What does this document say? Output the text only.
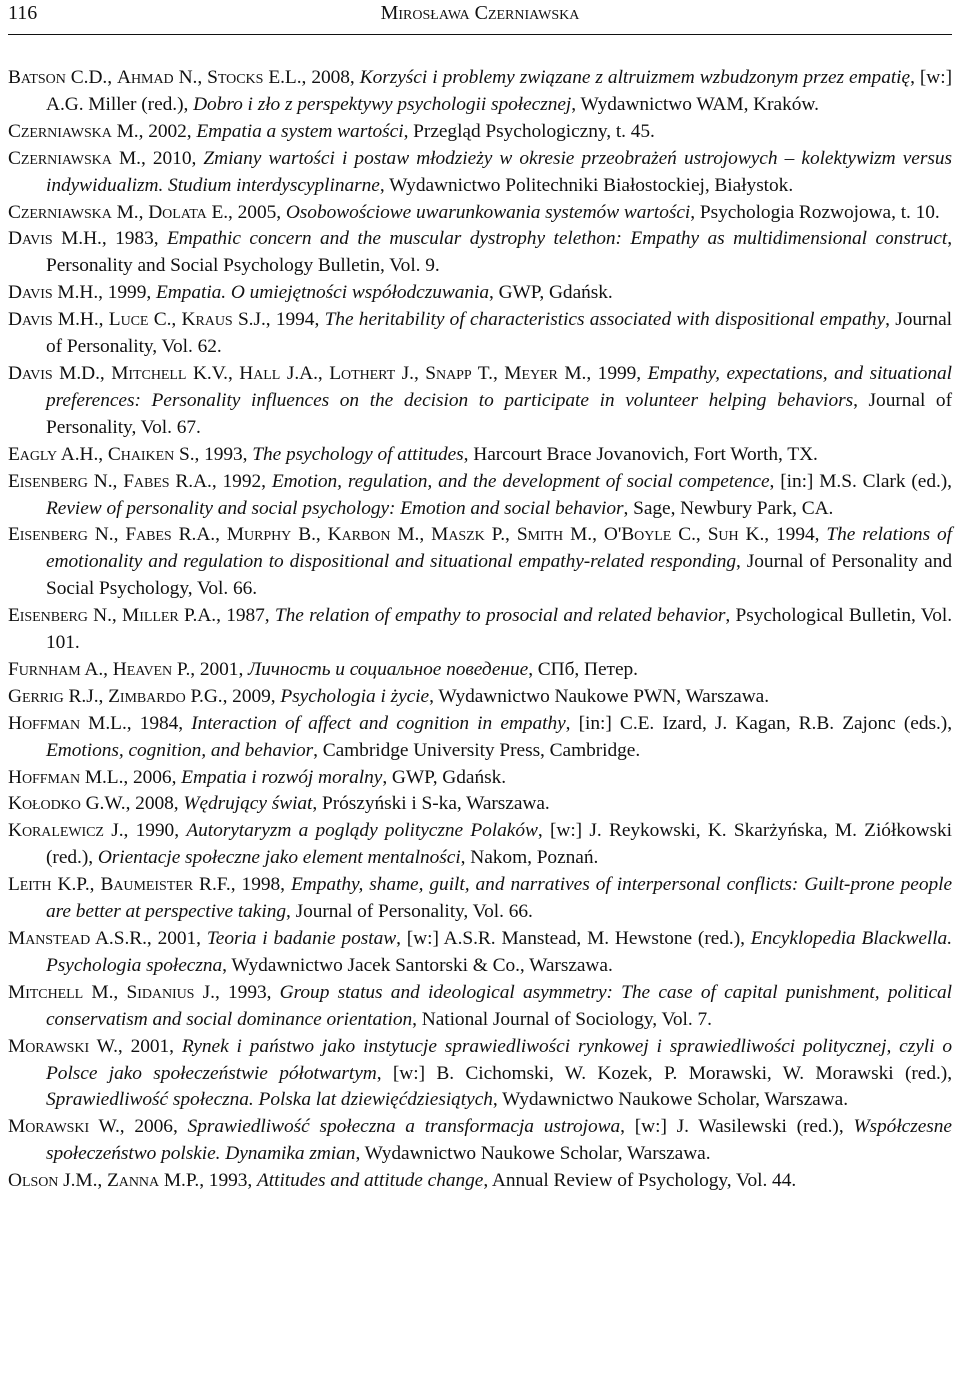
116	Mirosława Czerniawska
Batson C.D., Ahmad N., Stocks E.L., 2008, Korzyści i problemy związane z altruizmem wzbudzonym przez empatię, [w:] A.G. Miller (red.), Dobro i zło z perspektywy psychologii społecznej, Wydawnictwo WAM, Kraków.
Czerniawska M., 2002, Empatia a system wartości, Przegląd Psychologiczny, t. 45.
Czerniawska M., 2010, Zmiany wartości i postaw młodzieży w okresie przeobrażeń ustrojowych – kolektywizm versus indywidualizm. Studium interdyscyplinarne, Wydawnictwo Politechniki Białostockiej, Białystok.
Czerniawska M., Dolata E., 2005, Osobowościowe uwarunkowania systemów wartości, Psychologia Rozwojowa, t. 10.
Davis M.H., 1983, Empathic concern and the muscular dystrophy telethon: Empathy as multidimensional construct, Personality and Social Psychology Bulletin, Vol. 9.
Davis M.H., 1999, Empatia. O umiejętności współodczuwania, GWP, Gdańsk.
Davis M.H., Luce C., Kraus S.J., 1994, The heritability of characteristics associated with dispositional empathy, Journal of Personality, Vol. 62.
Davis M.D., Mitchell K.V., Hall J.A., Lothert J., Snapp T., Meyer M., 1999, Empathy, expectations, and situational preferences: Personality influences on the decision to participate in volunteer helping behaviors, Journal of Personality, Vol. 67.
Eagly A.H., Chaiken S., 1993, The psychology of attitudes, Harcourt Brace Jovanovich, Fort Worth, TX.
Eisenberg N., Fabes R.A., 1992, Emotion, regulation, and the development of social competence, [in:] M.S. Clark (ed.), Review of personality and social psychology: Emotion and social behavior, Sage, Newbury Park, CA.
Eisenberg N., Fabes R.A., Murphy B., Karbon M., Maszk P., Smith M., O'Boyle C., Suh K., 1994, The relations of emotionality and regulation to dispositional and situational empathy-related responding, Journal of Personality and Social Psychology, Vol. 66.
Eisenberg N., Miller P.A., 1987, The relation of empathy to prosocial and related behavior, Psychological Bulletin, Vol. 101.
Furnham A., Heaven P., 2001, Личность и социальное поведение, СПб, Петер.
Gerrig R.J., Zimbardo P.G., 2009, Psychologia i życie, Wydawnictwo Naukowe PWN, Warszawa.
Hoffman M.L., 1984, Interaction of affect and cognition in empathy, [in:] C.E. Izard, J. Kagan, R.B. Zajonc (eds.), Emotions, cognition, and behavior, Cambridge University Press, Cambridge.
Hoffman M.L., 2006, Empatia i rozwój moralny, GWP, Gdańsk.
Kołodko G.W., 2008, Wędrujący świat, Prószyński i S-ka, Warszawa.
Koralewicz J., 1990, Autorytaryzm a poglądy polityczne Polaków, [w:] J. Reykowski, K. Skarżyńska, M. Ziółkowski (red.), Orientacje społeczne jako element mentalności, Nakom, Poznań.
Leith K.P., Baumeister R.F., 1998, Empathy, shame, guilt, and narratives of interpersonal conflicts: Guilt-prone people are better at perspective taking, Journal of Personality, Vol. 66.
Manstead A.S.R., 2001, Teoria i badanie postaw, [w:] A.S.R. Manstead, M. Hewstone (red.), Encyklopedia Blackwella. Psychologia społeczna, Wydawnictwo Jacek Santorski & Co., Warszawa.
Mitchell M., Sidanius J., 1993, Group status and ideological asymmetry: The case of capital punishment, political conservatism and social dominance orientation, National Journal of Sociology, Vol. 7.
Morawski W., 2001, Rynek i państwo jako instytucje sprawiedliwości rynkowej i sprawiedliwości politycznej, czyli o Polsce jako społeczeństwie półotwartym, [w:] B. Cichomski, W. Kozek, P. Morawski, W. Morawski (red.), Sprawiedliwość społeczna. Polska lat dziewięćdziesiątych, Wydawnictwo Naukowe Scholar, Warszawa.
Morawski W., 2006, Sprawiedliwość społeczna a transformacja ustrojowa, [w:] J. Wasilewski (red.), Współczesne społeczeństwo polskie. Dynamika zmian, Wydawnictwo Naukowe Scholar, Warszawa.
Olson J.M., Zanna M.P., 1993, Attitudes and attitude change, Annual Review of Psychology, Vol. 44.
